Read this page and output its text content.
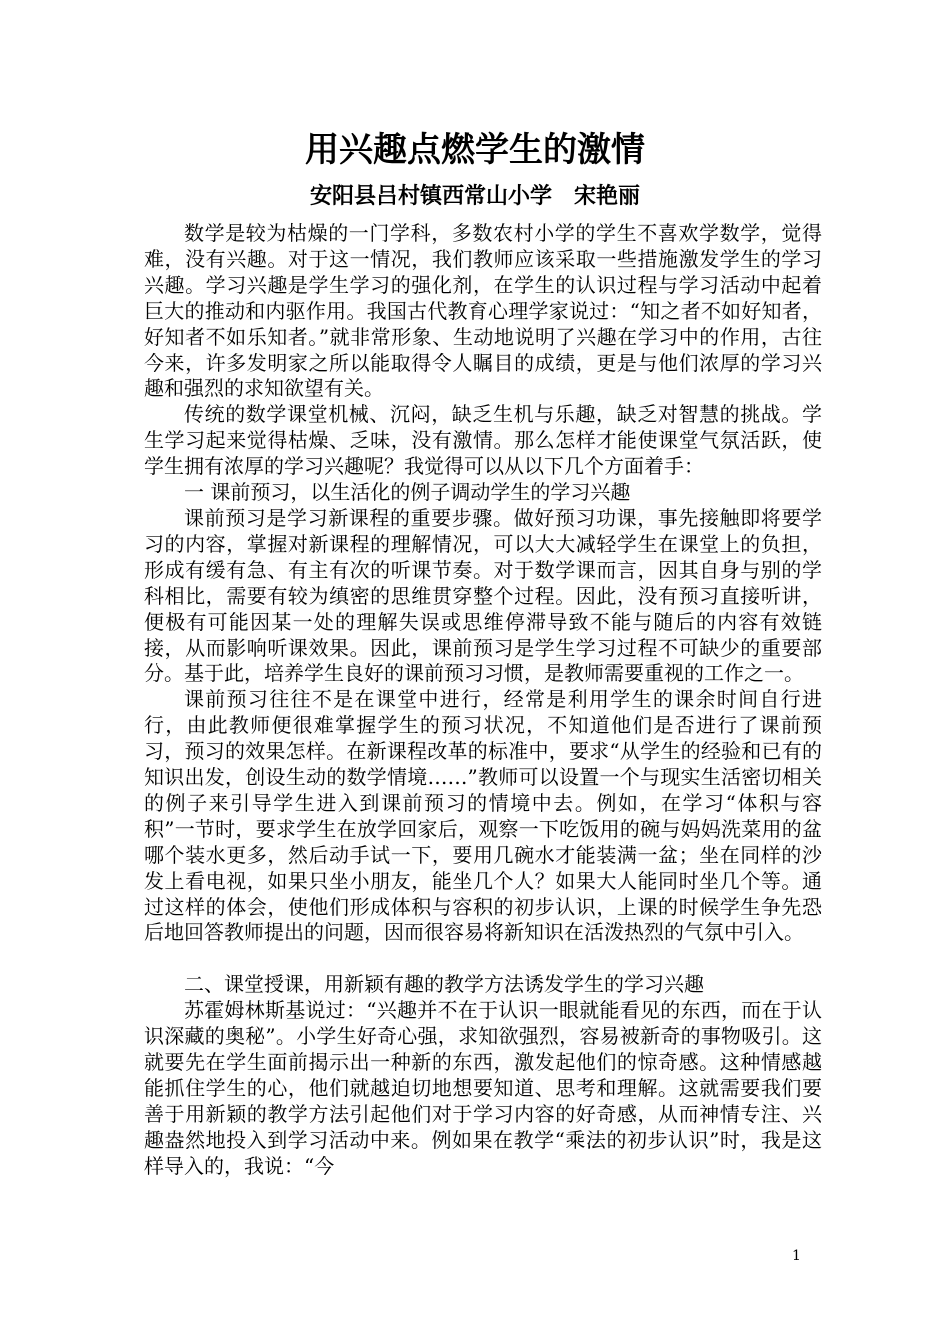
用兴趣点燃学生的激情
安阳县吕村镇西常山小学　宋艳丽

数学是较为枯燥的一门学科，多数农村小学的学生不喜欢学数学，觉得难，没有兴趣。对于这一情况，我们教师应该采取一些措施激发学生的学习兴趣。学习兴趣是学生学习的强化剂，在学生的认识过程与学习活动中起着巨大的推动和内驱作用。我国古代教育心理学家说过：“知之者不如好知者，好知者不如乐知者。”就非常形象、生动地说明了兴趣在学习中的作用，古往今来，许多发明家之所以能取得令人瞩目的成绩，更是与他们浓厚的学习兴趣和强烈的求知欲望有关。

传统的数学课堂机械、沉闷，缺乏生机与乐趣，缺乏对智慧的挑战。学生学习起来觉得枯燥、乏味，没有激情。那么怎样才能使课堂气氛活跃，使学生拥有浓厚的学习兴趣呢？我觉得可以从以下几个方面着手：

一 课前预习，以生活化的例子调动学生的学习兴趣

课前预习是学习新课程的重要步骤。做好预习功课，事先接触即将要学习的内容，掌握对新课程的理解情况，可以大大减轻学生在课堂上的负担，形成有缓有急、有主有次的听课节奏。对于数学课而言，因其自身与别的学科相比，需要有较为缜密的思维贯穿整个过程。因此，没有预习直接听讲，便极有可能因某一处的理解失误或思维停滞导致不能与随后的内容有效链接，从而影响听课效果。因此，课前预习是学生学习过程不可缺少的重要部分。基于此，培养学生良好的课前预习习惯，是教师需要重视的工作之一。

课前预习往往不是在课堂中进行，经常是利用学生的课余时间自行进行，由此教师便很难掌握学生的预习状况，不知道他们是否进行了课前预习，预习的效果怎样。在新课程改革的标准中，要求“从学生的经验和已有的知识出发，创设生动的数学情境……”教师可以设置一个与现实生活密切相关的例子来引导学生进入到课前预习的情境中去。例如，在学习“体积与容积”一节时，要求学生在放学回家后，观察一下吃饭用的碗与妈妈洗菜用的盆哪个装水更多，然后动手试一下，要用几碗水才能装满一盆；坐在同样的沙发上看电视，如果只坐小朋友，能坐几个人？如果大人能同时坐几个等。通过这样的体会，使他们形成体积与容积的初步认识，上课的时候学生争先恐后地回答教师提出的问题，因而很容易将新知识在活泼热烈的气氛中引入。

二、课堂授课，用新颖有趣的教学方法诱发学生的学习兴趣

苏霍姆林斯基说过：“兴趣并不在于认识一眼就能看见的东西，而在于认识深藏的奥秘”。小学生好奇心强，求知欲强烈，容易被新奇的事物吸引。这就要先在学生面前揭示出一种新的东西，激发起他们的惊奇感。这种情感越能抓住学生的心，他们就越迫切地想要知道、思考和理解。这就需要我们要善于用新颖的教学方法引起他们对于学习内容的好奇感，从而神情专注、兴趣盎然地投入到学习活动中来。例如果在教学“乘法的初步认识”时，我是这样导入的，我说：“今

1
